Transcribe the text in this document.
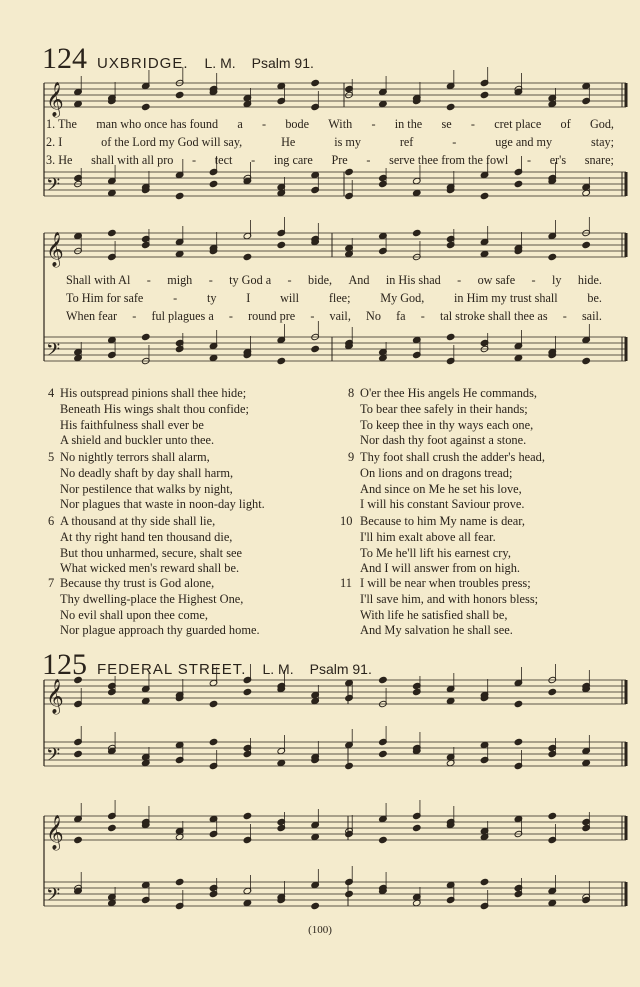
𝄞
𝄢
𝄞
𝄢
𝄞
𝄢
𝄞
𝄢
124 UXBRIDGE. L. M. Psalm 91.
1. The man who once has found a - bode With - in the se - cret place of God,
2. I	of the Lord my God will say,	He	is my	ref	-	uge and my	stay;
3. He shall with all pro - tect - ing care Pre - serve thee from the fowl - er's snare;
Shall with Al - migh - ty God a - bide, And in His shad - ow safe - ly hide.
To Him for safe - ty I will flee; My God, in Him my trust shall be.
When fear - ful plagues a - round pre - vail, No fa - tal stroke shall thee as - sail.
4 His outspread pinions shall thee hide;
Beneath His wings shalt thou confide;
His faithfulness shall ever be
A shield and buckler unto thee.
5 No nightly terrors shall alarm,
No deadly shaft by day shall harm,
Nor pestilence that walks by night,
Nor plagues that waste in noon-day light.
6 A thousand at thy side shall lie,
At thy right hand ten thousand die,
But thou unharmed, secure, shalt see
What wicked men's reward shall be.
7 Because thy trust is God alone,
Thy dwelling-place the Highest One,
No evil shall upon thee come,
Nor plague approach thy guarded home.
8 O'er thee His angels He commands,
To bear thee safely in their hands;
To keep thee in thy ways each one,
Nor dash thy foot against a stone.
9 Thy foot shall crush the adder's head,
On lions and on dragons tread;
And since on Me he set his love,
I will his constant Saviour prove.
10 Because to him My name is dear,
I'll him exalt above all fear.
To Me he'll lift his earnest cry,
And I will answer from on high.
11 I will be near when troubles press;
I'll save him, and with honors bless;
With life he satisfied shall be,
And My salvation he shall see.
125 FEDERAL STREET. L. M. Psalm 91.
(100)
